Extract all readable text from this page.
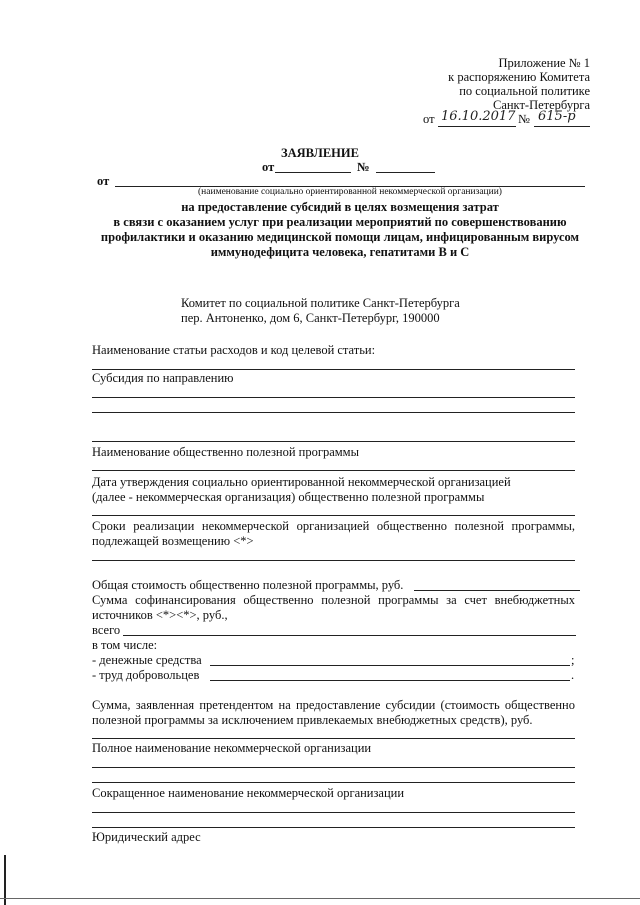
Приложение № 1
к распоряжению Комитета
по социальной политике
Санкт-Петербурга
от 16.10.2017 № 615-р
ЗАЯВЛЕНИЕ
от	№
от
(наименование социально ориентированной некоммерческой организации)
на предоставление субсидий в целях возмещения затрат
в связи с оказанием услуг при реализации мероприятий по совершенствованию
профилактики и оказанию медицинской помощи лицам, инфицированным вирусом
иммунодефицита человека, гепатитами В и С
Комитет по социальной политике Санкт-Петербурга
пер. Антоненко, дом 6, Санкт-Петербург, 190000
Наименование статьи расходов и код целевой статьи:
Субсидия по направлению
Наименование общественно полезной программы
Дата утверждения социально ориентированной некоммерческой организацией
(далее - некоммерческая организация) общественно полезной программы
Сроки реализации некоммерческой организацией общественно полезной программы,
подлежащей возмещению <*>
Общая стоимость общественно полезной программы, руб.
Сумма софинансирования общественно полезной программы за счет внебюджетных
источников <*><*>, руб.,
всего
в том числе:
- денежные средства	;
- труд добровольцев	.
Сумма, заявленная претендентом на предоставление субсидии (стоимость общественно
полезной программы за исключением привлекаемых внебюджетных средств), руб.
Полное наименование некоммерческой организации
Сокращенное наименование некоммерческой организации
Юридический адрес
